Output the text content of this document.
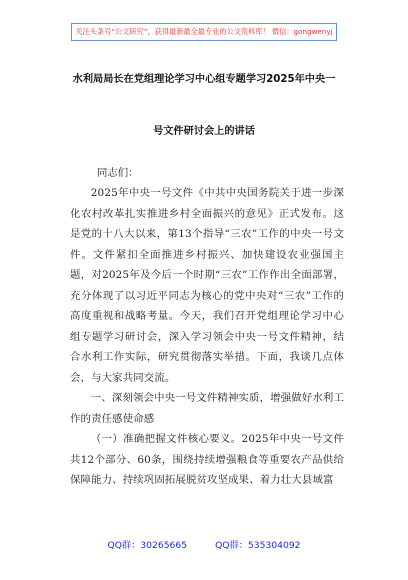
关注头条号“公文研究”，获得最新最全最专业的公文资料库！ 微信：gongwenyj
水利局局长在党组理论学习中心组专题学习2025年中央一
号文件研讨会上的讲话
同志们：

2025年中央一号文件《中共中央国务院关于进一步深化农村改革扎实推进乡村全面振兴的意见》正式发布。这是党的十八大以来，第13个指导“三农”工作的中央一号文件。文件紧扣全面推进乡村振兴、加快建设农业强国主题，对2025年及今后一个时期“三农”工作作出全面部署，充分体现了以习近平同志为核心的党中央对“三农”工作的高度重视和战略考量。今天，我们召开党组理论学习中心组专题学习研讨会，深入学习领会中央一号文件精神，结合水利工作实际，研究贯彻落实举措。下面，我谈几点体会，与大家共同交流。

一、深刻领会中央一号文件精神实质，增强做好水利工作的责任感使命感

（一）准确把握文件核心要义。2025年中央一号文件共12个部分、60条，围绕持续增强粮食等重要农产品供给保障能力、持续巩固拓展脱贫攻坚成果、着力壮大县域富

QQ群：30265665	QQ群：535304092
